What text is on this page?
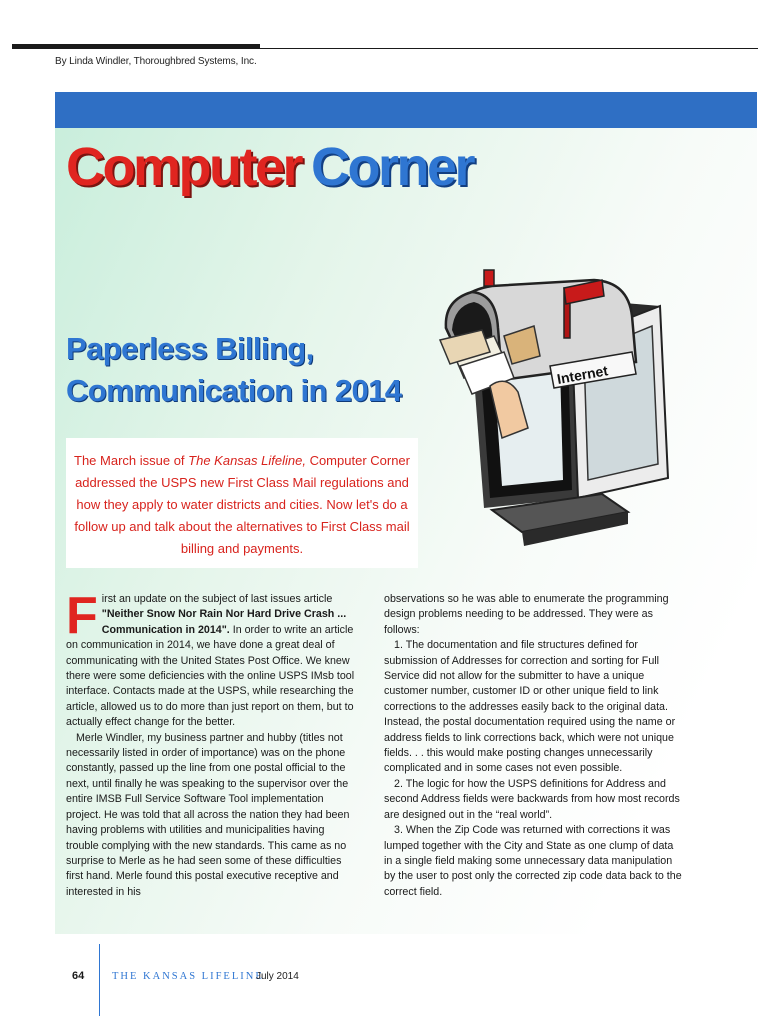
By Linda Windler, Thoroughbred Systems, Inc.
Computer Corner
Paperless Billing,
Communication in 2014	Internet

The March issue of The Kansas Lifeline, Computer Corner addressed the USPS new First Class Mail regulations and how they apply to water districts and cities. Now let's do a follow up and talk about the alternatives to First Class mail billing and payments.

First an update on the subject of last issues article "Neither Snow Nor Rain Nor Hard Drive Crash ... Communication in 2014". In order to write an article on communication in 2014, we have done a great deal of communicating with the United States Post Office. We knew there were some deficiencies with the online USPS IMsb tool interface. Contacts made at the USPS, while researching the article, allowed us to do more than just report on them, but to actually effect change for the better.

Merle Windler, my business partner and hubby (titles not necessarily listed in order of importance) was on the phone constantly, passed up the line from one postal official to the next, until finally he was speaking to the supervisor over the entire IMSB Full Service Software Tool implementation project. He was told that all across the nation they had been having problems with utilities and municipalities having trouble complying with the new standards. This came as no surprise to Merle as he had seen some of these difficulties first hand. Merle found this postal executive receptive and interested in his

observations so he was able to enumerate the programming design problems needing to be addressed. They were as follows:

1. The documentation and file structures defined for submission of Addresses for correction and sorting for Full Service did not allow for the submitter to have a unique customer number, customer ID or other unique field to link corrections to the addresses easily back to the original data. Instead, the postal documentation required using the name or address fields to link corrections back, which were not unique fields. . . this would make posting changes unnecessarily complicated and in some cases not even possible.

2. The logic for how the USPS definitions for Address and second Address fields were backwards from how most records are designed out in the “real world”.

3. When the Zip Code was returned with corrections it was lumped together with the City and State as one clump of data in a single field making some unnecessary data manipulation by the user to post only the corrected zip code data back to the correct field.

64	THE KANSAS LIFELINE
July 2014
